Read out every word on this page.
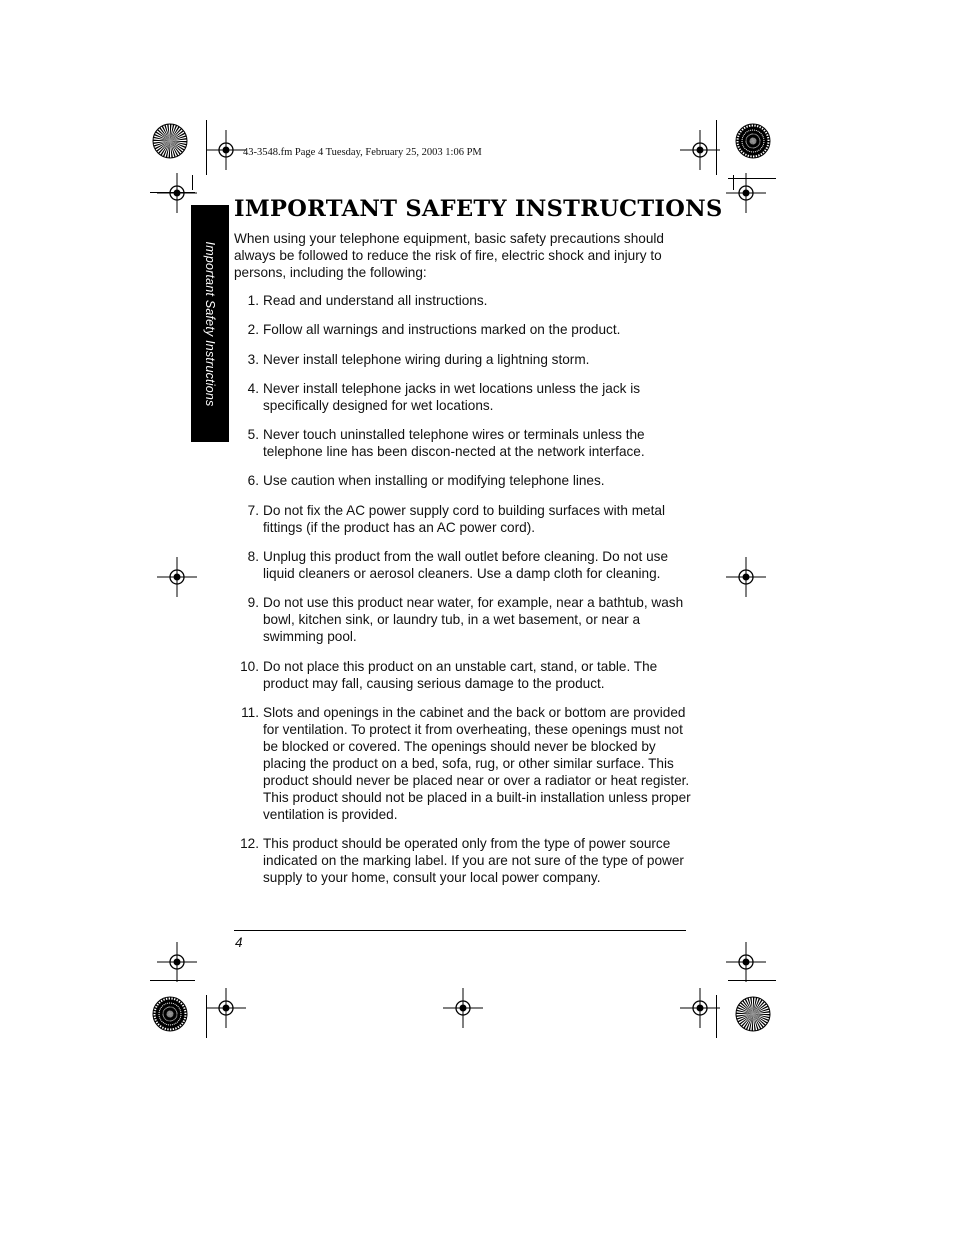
43-3548.fm Page 4 Tuesday, February 25, 2003 1:06 PM
Important Safety Instructions
IMPORTANT SAFETY INSTRUCTIONS
When using your telephone equipment, basic safety precautions should always be followed to reduce the risk of fire, electric shock and injury to persons, including the following:
1. Read and understand all instructions.
2. Follow all warnings and instructions marked on the product.
3. Never install telephone wiring during a lightning storm.
4. Never install telephone jacks in wet locations unless the jack is specifically designed for wet locations.
5. Never touch uninstalled telephone wires or terminals unless the telephone line has been discon-nected at the network interface.
6. Use caution when installing or modifying telephone lines.
7. Do not fix the AC power supply cord to building surfaces with metal fittings (if the product has an AC power cord).
8. Unplug this product from the wall outlet before cleaning. Do not use liquid cleaners or aerosol cleaners. Use a damp cloth for cleaning.
9. Do not use this product near water, for example, near a bathtub, wash bowl, kitchen sink, or laundry tub, in a wet basement, or near a swimming pool.
10. Do not place this product on an unstable cart, stand, or table. The product may fall, causing serious damage to the product.
11. Slots and openings in the cabinet and the back or bottom are provided for ventilation. To protect it from overheating, these openings must not be blocked or covered. The openings should never be blocked by placing the product on a bed, sofa, rug, or other similar surface. This product should never be placed near or over a radiator or heat register. This product should not be placed in a built-in installation unless proper ventilation is provided.
12. This product should be operated only from the type of power source indicated on the marking label. If you are not sure of the type of power supply to your home, consult your local power company.
4
